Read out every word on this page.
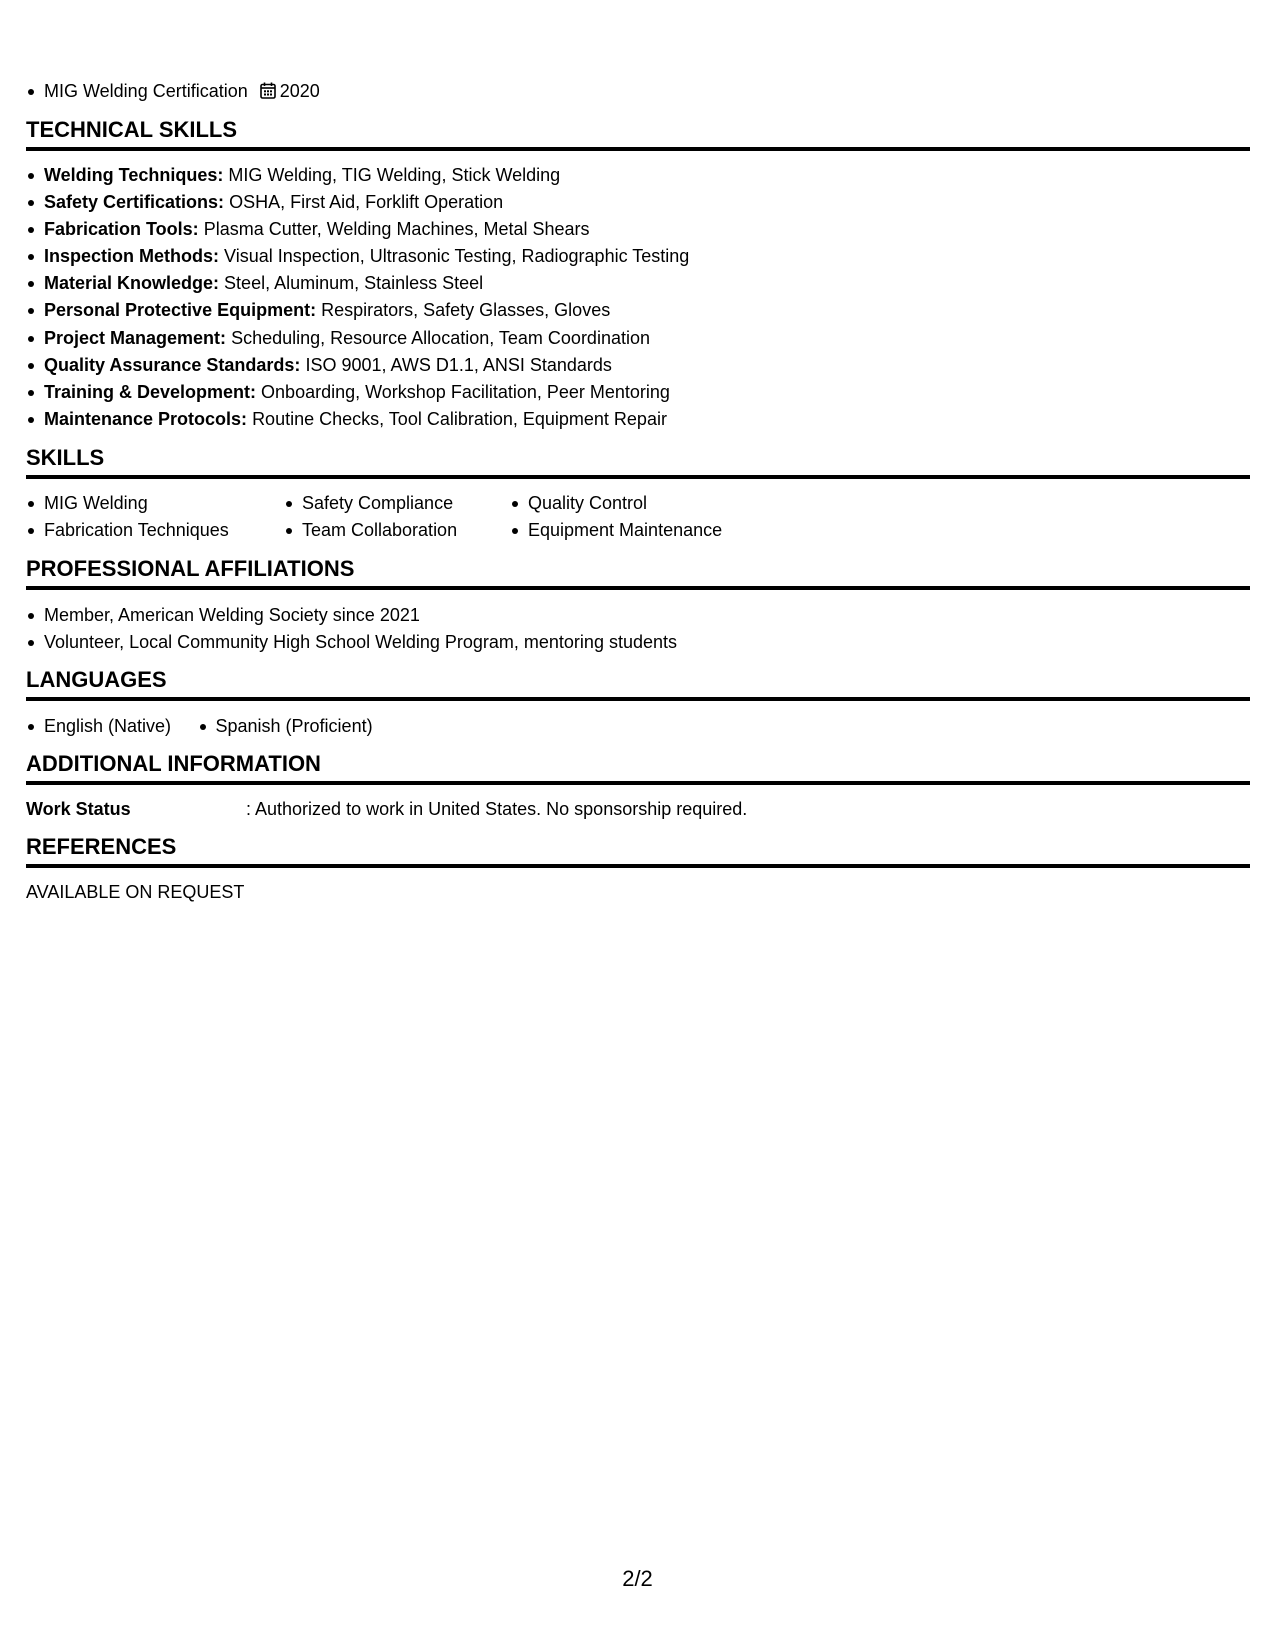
MIG Welding Certification 2020
TECHNICAL SKILLS
Welding Techniques: MIG Welding, TIG Welding, Stick Welding
Safety Certifications: OSHA, First Aid, Forklift Operation
Fabrication Tools: Plasma Cutter, Welding Machines, Metal Shears
Inspection Methods: Visual Inspection, Ultrasonic Testing, Radiographic Testing
Material Knowledge: Steel, Aluminum, Stainless Steel
Personal Protective Equipment: Respirators, Safety Glasses, Gloves
Project Management: Scheduling, Resource Allocation, Team Coordination
Quality Assurance Standards: ISO 9001, AWS D1.1, ANSI Standards
Training & Development: Onboarding, Workshop Facilitation, Peer Mentoring
Maintenance Protocols: Routine Checks, Tool Calibration, Equipment Repair
SKILLS
MIG Welding	Safety Compliance	Quality Control
Fabrication Techniques	Team Collaboration	Equipment Maintenance
PROFESSIONAL AFFILIATIONS
Member, American Welding Society since 2021
Volunteer, Local Community High School Welding Program, mentoring students
LANGUAGES
English (Native) Spanish (Proficient)
ADDITIONAL INFORMATION
Work Status	: Authorized to work in United States. No sponsorship required.
REFERENCES
AVAILABLE ON REQUEST
2/2
